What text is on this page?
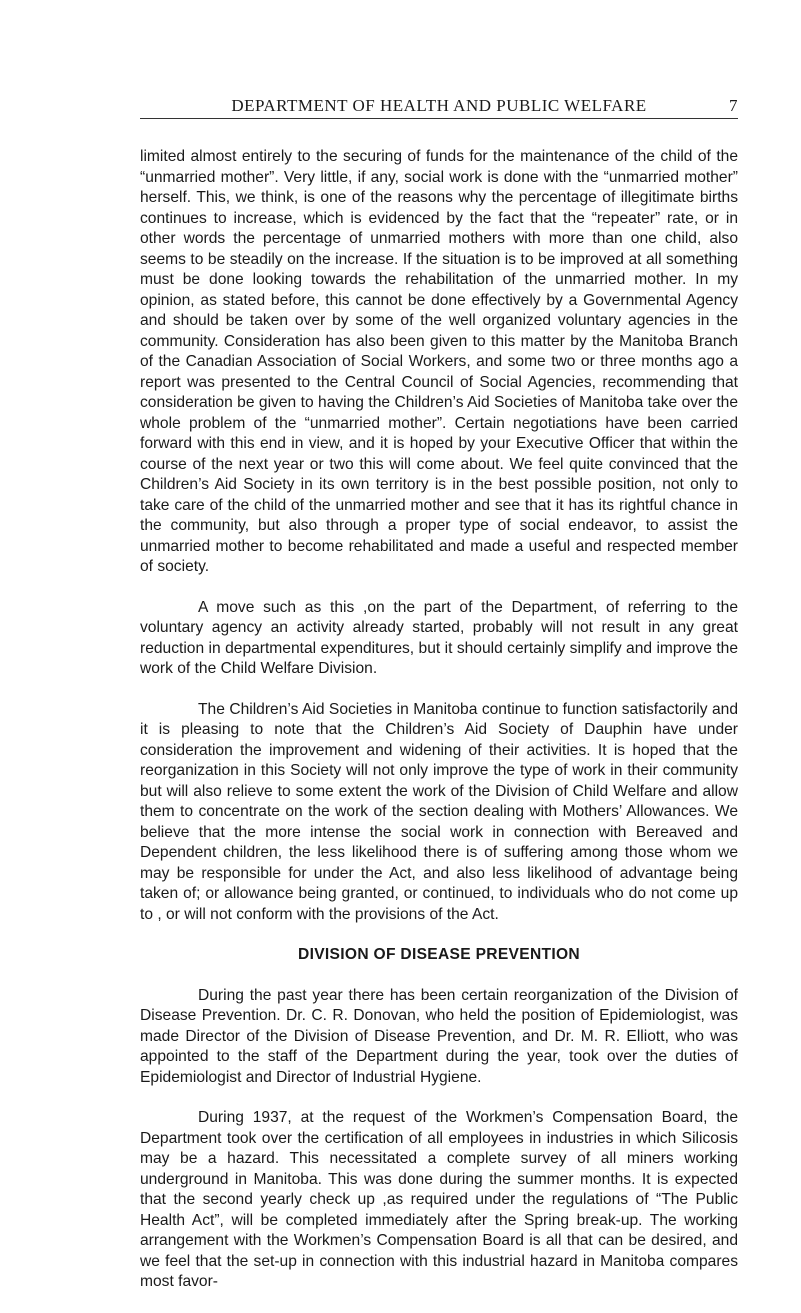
DEPARTMENT OF HEALTH AND PUBLIC WELFARE	7

limited almost entirely to the securing of funds for the maintenance of the child of the “unmarried mother”. Very little, if any, social work is done with the “unmarried mother” herself. This, we think, is one of the reasons why the percentage of illegitimate births continues to increase, which is evidenced by the fact that the “repeater” rate, or in other words the percentage of unmarried mothers with more than one child, also seems to be steadily on the increase. If the situation is to be improved at all something must be done looking towards the rehabilitation of the unmarried mother. In my opinion, as stated before, this cannot be done effectively by a Governmental Agency and should be taken over by some of the well organized voluntary agencies in the community. Consideration has also been given to this matter by the Manitoba Branch of the Canadian Association of Social Workers, and some two or three months ago a report was presented to the Central Council of Social Agencies, recommending that consideration be given to having the Children’s Aid Societies of Manitoba take over the whole problem of the “unmarried mother”. Certain negotiations have been carried forward with this end in view, and it is hoped by your Executive Officer that within the course of the next year or two this will come about. We feel quite convinced that the Children’s Aid Society in its own territory is in the best possible position, not only to take care of the child of the unmarried mother and see that it has its rightful chance in the community, but also through a proper type of social endeavor, to assist the unmarried mother to become rehabilitated and made a useful and respected member of society.

A move such as this ,on the part of the Department, of referring to the voluntary agency an activity already started, probably will not result in any great reduction in departmental expenditures, but it should certainly simplify and improve the work of the Child Welfare Division.

The Children’s Aid Societies in Manitoba continue to function satisfactorily and it is pleasing to note that the Children’s Aid Society of Dauphin have under consideration the improvement and widening of their activities. It is hoped that the reorganization in this Society will not only improve the type of work in their community but will also relieve to some extent the work of the Division of Child Welfare and allow them to concentrate on the work of the section dealing with Mothers’ Allowances. We believe that the more intense the social work in connection with Bereaved and Dependent children, the less likelihood there is of suffering among those whom we may be responsible for under the Act, and also less likelihood of advantage being taken of; or allowance being granted, or continued, to individuals who do not come up to , or will not conform with the provisions of the Act.

DIVISION OF DISEASE PREVENTION

During the past year there has been certain reorganization of the Division of Disease Prevention. Dr. C. R. Donovan, who held the position of Epidemiologist, was made Director of the Division of Disease Prevention, and Dr. M. R. Elliott, who was appointed to the staff of the Department during the year, took over the duties of Epidemiologist and Director of Industrial Hygiene.

During 1937, at the request of the Workmen’s Compensation Board, the Department took over the certification of all employees in industries in which Silicosis may be a hazard. This necessitated a complete survey of all miners working underground in Manitoba. This was done during the summer months. It is expected that the second yearly check up ,as required under the regulations of “The Public Health Act”, will be completed immediately after the Spring break-up. The working arrangement with the Workmen’s Compensation Board is all that can be desired, and we feel that the set-up in connection with this industrial hazard in Manitoba compares most favor-
